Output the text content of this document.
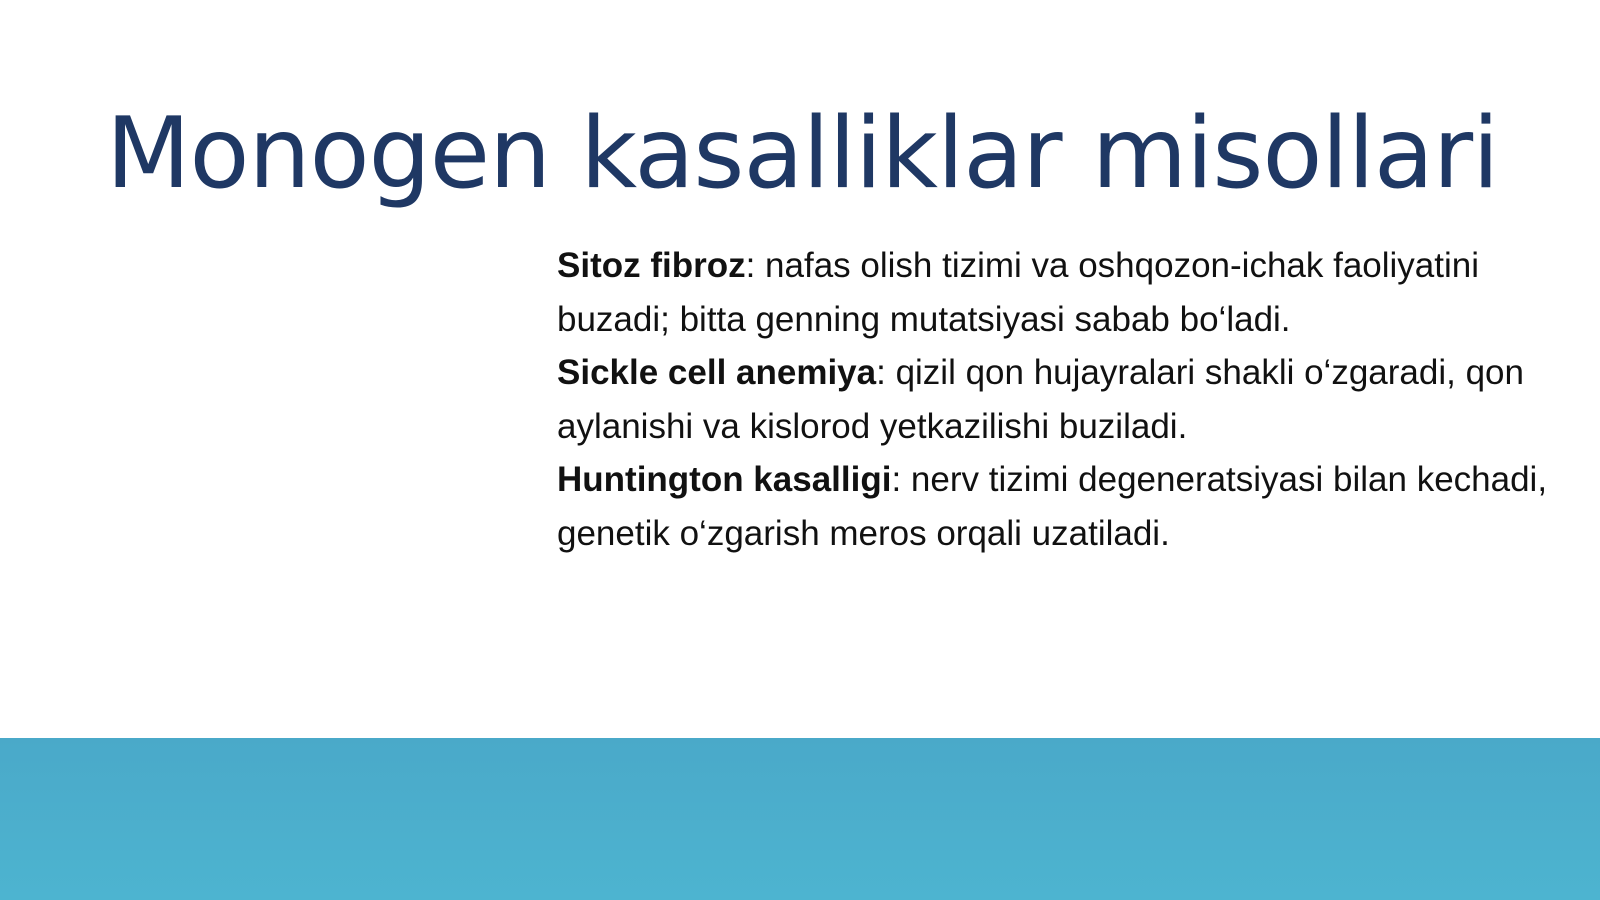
Monogen kasalliklar misollari

Sitoz fibroz: nafas olish tizimi va oshqozon-ichak faoliyatini buzadi; bitta genning mutatsiyasi sabab bo‘ladi.

Sickle cell anemiya: qizil qon hujayralari shakli o‘zgaradi, qon aylanishi va kislorod yetkazilishi buziladi.

Huntington kasalligi: nerv tizimi degeneratsiyasi bilan kechadi, genetik o‘zgarish meros orqali uzatiladi.
